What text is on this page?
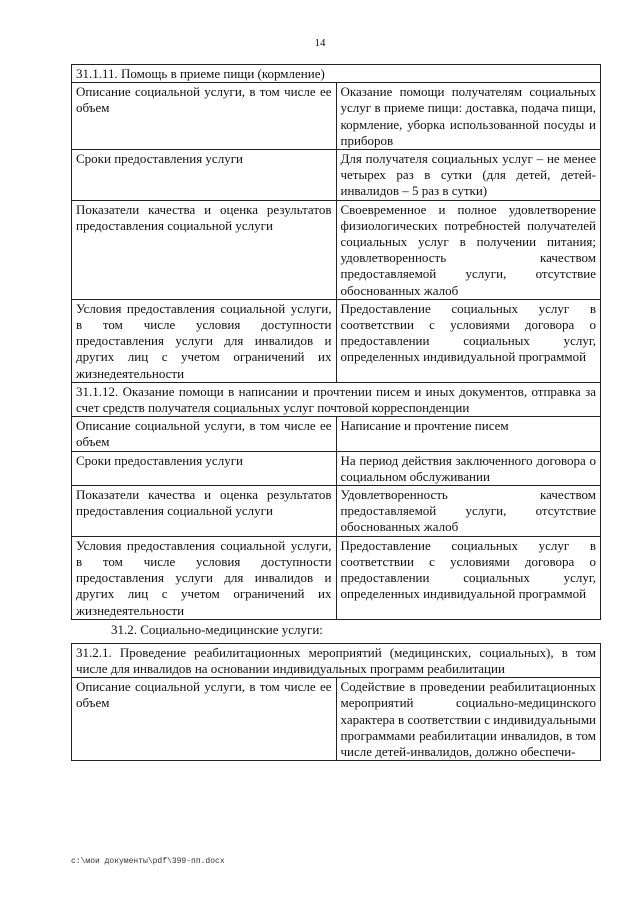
14
31.1.11. Помощь в приеме пищи (кормление)	
Описание социальной услуги, в том числе ее объем	Оказание помощи получателям социальных услуг в приеме пищи: доставка, подача пищи, кормление, уборка использованной посуды и приборов
Сроки предоставления услуги	Для получателя социальных услуг – не менее четырех раз в сутки (для детей, детей-инвалидов – 5 раз в сутки)
Показатели качества и оценка результатов предоставления социальной услуги	Своевременное и полное удовлетворение физиологических потребностей получателей социальных услуг в получении питания; удовлетворенность качеством предоставляемой услуги, отсутствие обоснованных жалоб
Условия предоставления социальной услуги, в том числе условия доступности предоставления услуги для инвалидов и других лиц с учетом ограничений их жизнедеятельности	Предоставление социальных услуг в соответствии с условиями договора о предоставлении социальных услуг, определенных индивидуальной программой
31.1.12. Оказание помощи в написании и прочтении писем и иных документов, отправка за счет средств получателя социальных услуг почтовой корреспонденции	
Описание социальной услуги, в том числе ее объем	Написание и прочтение писем
Сроки предоставления услуги	На период действия заключенного договора о социальном обслуживании
Показатели качества и оценка результатов предоставления социальной услуги	Удовлетворенность качеством предоставляемой услуги, отсутствие обоснованных жалоб
Условия предоставления социальной услуги, в том числе условия доступности предоставления услуги для инвалидов и других лиц с учетом ограничений их жизнедеятельности	Предоставление социальных услуг в соответствии с условиями договора о предоставлении социальных услуг, определенных индивидуальной программой
31.2. Социально-медицинские услуги:
31.2.1. Проведение реабилитационных мероприятий (медицинских, социальных), в том числе для инвалидов на основании индивидуальных программ реабилитации
Описание социальной услуги, в том числе ее объем	Содействие в проведении реабилитационных мероприятий социально-медицинского характера в соответствии с индивидуальными программами реабилитации инвалидов, в том числе детей-инвалидов, должно обеспечи-
c:\мои документы\pdf\399-пп.docx
